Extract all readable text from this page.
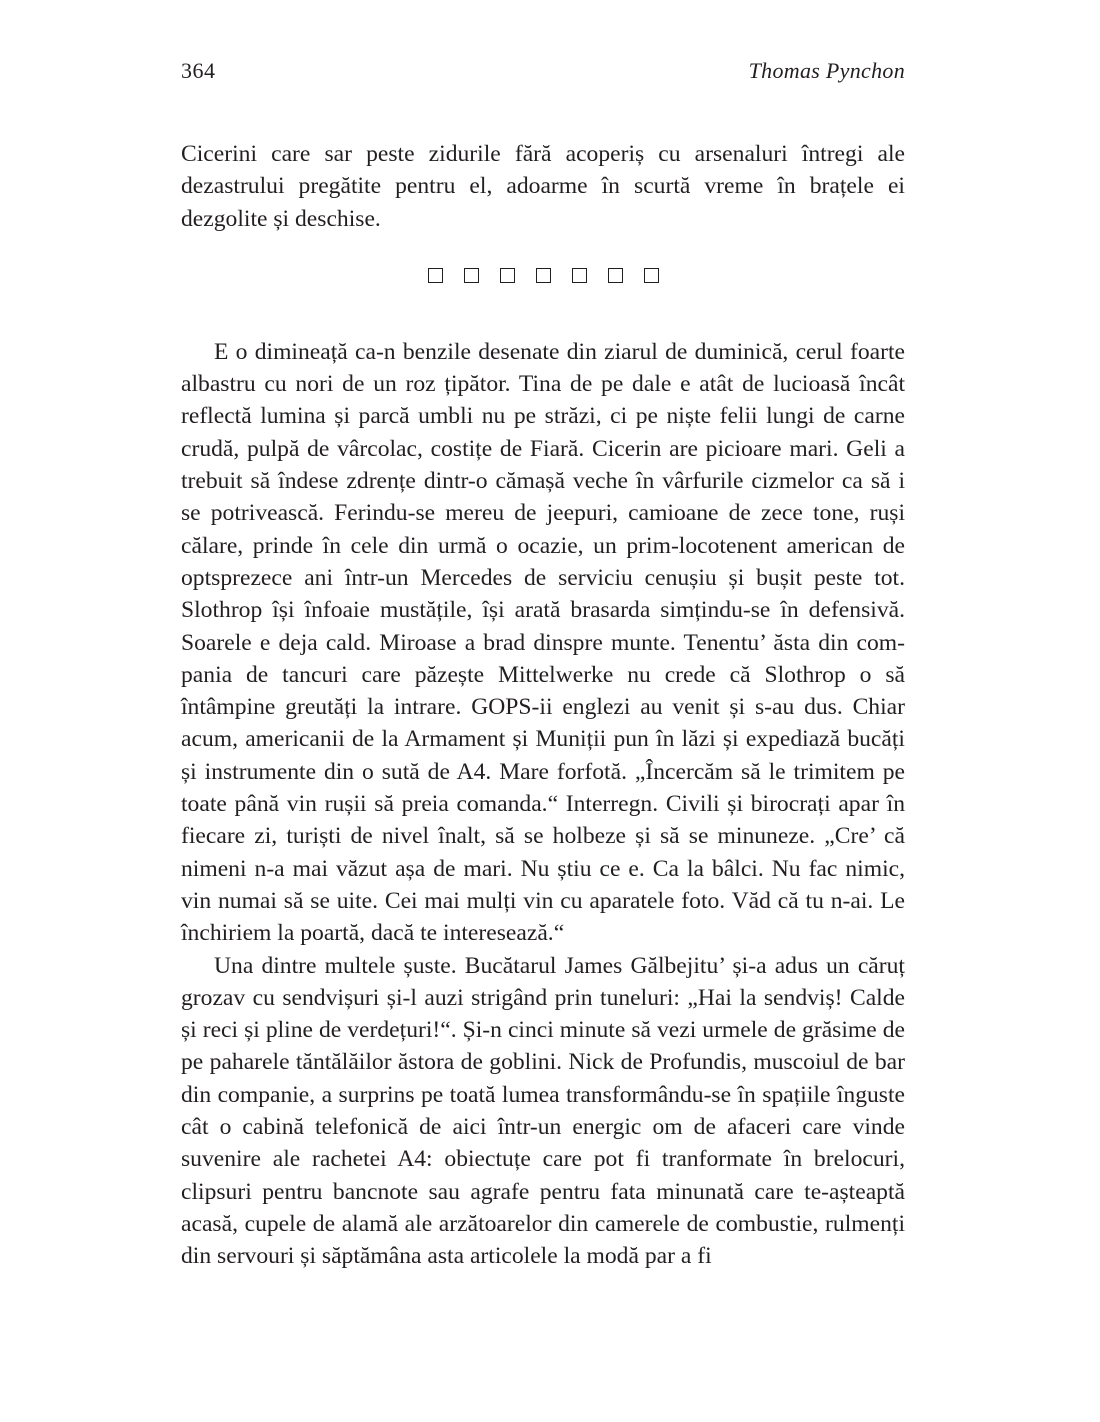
364	Thomas Pynchon

Cicerini care sar peste zidurile fără acoperiș cu arsenaluri întregi ale dezastrului pregătite pentru el, adoarme în scurtă vreme în brațele ei dezgolite și deschise.

E o dimineață ca-n benzile desenate din ziarul de duminică, cerul foarte albastru cu nori de un roz țipător. Tina de pe dale e atât de lucioasă încât reflectă lumina și parcă umbli nu pe străzi, ci pe niște felii lungi de carne crudă, pulpă de vârcolac, costițe de Fiară. Cicerin are picioare mari. Geli a trebuit să îndese zdrențe dintr-o cămașă veche în vârfurile cizmelor ca să i se potrivească. Ferindu-se mereu de jeepuri, camioane de zece tone, ruși călare, prinde în cele din urmă o ocazie, un prim-locotenent american de optsprezece ani într-un Mercedes de serviciu cenușiu și bușit peste tot. Slothrop își înfoaie mustățile, își arată brasarda simțindu-se în defensivă. Soarele e deja cald. Miroase a brad dinspre munte. Tenentu’ ăsta din compania de tancuri care păzește Mittelwerke nu crede că Slothrop o să întâmpine greutăți la intrare. GOPS-ii englezi au venit și s-au dus. Chiar acum, americanii de la Armament și Muniții pun în lăzi și expediază bucăți și instrumente din o sută de A4. Mare forfotă. „Încercăm să le trimitem pe toate până vin rușii să preia comanda.“ Interregn. Civili și birocrați apar în fiecare zi, turiști de nivel înalt, să se holbeze și să se minuneze. „Cre’ că nimeni n-a mai văzut așa de mari. Nu știu ce e. Ca la bâlci. Nu fac nimic, vin numai să se uite. Cei mai mulți vin cu aparatele foto. Văd că tu n-ai. Le închiriem la poartă, dacă te interesează.“

Una dintre multele șuste. Bucătarul James Gălbejitu’ și-a adus un căruț grozav cu sendvișuri și-l auzi strigând prin tuneluri: „Hai la sendviș! Calde și reci și pline de verdețuri!“. Și-n cinci minute să vezi urmele de grăsime de pe paharele tăntălăilor ăstora de goblini. Nick de Profundis, muscoiul de bar din companie, a surprins pe toată lumea transformându-se în spațiile înguste cât o cabină telefonică de aici într-un energic om de afaceri care vinde suvenire ale rachetei A4: obiectuțe care pot fi tranformate în brelocuri, clipsuri pentru bancnote sau agrafe pentru fata minunată care te-așteaptă acasă, cupele de alamă ale arzătoarelor din camerele de combustie, rulmenți din servouri și săptămâna asta articolele la modă par a fi
